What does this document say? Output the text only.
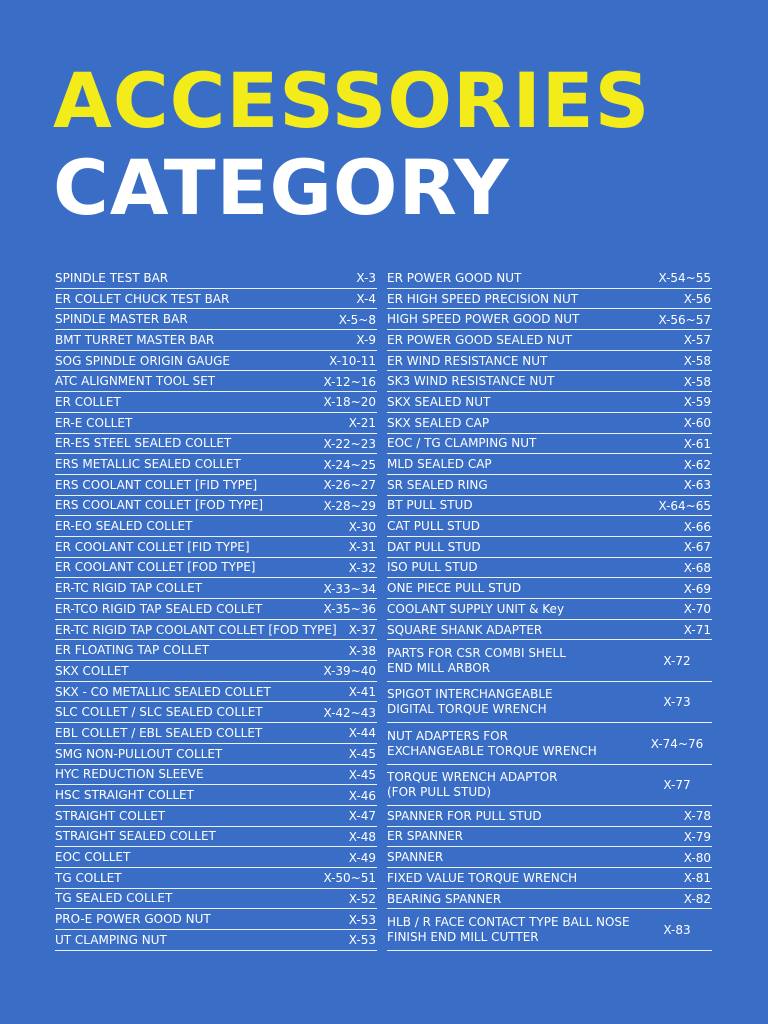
ACCESSORIES
CATEGORY
SPINDLE TEST BAR	X-3
ER COLLET CHUCK TEST BAR	X-4
SPINDLE MASTER BAR	X-5~8
BMT TURRET MASTER BAR	X-9
SOG SPINDLE ORIGIN GAUGE	X-10-11
ATC ALIGNMENT TOOL SET	X-12~16
ER COLLET	X-18~20
ER-E COLLET	X-21
ER-ES STEEL SEALED COLLET	X-22~23
ERS METALLIC SEALED COLLET	X-24~25
ERS COOLANT COLLET [FID TYPE]	X-26~27
ERS COOLANT COLLET [FOD TYPE]	X-28~29
ER-EO SEALED COLLET	X-30
ER COOLANT COLLET [FID TYPE]	X-31
ER COOLANT COLLET [FOD TYPE]	X-32
ER-TC RIGID TAP COLLET	X-33~34
ER-TCO RIGID TAP SEALED COLLET	X-35~36
ER-TC RIGID TAP COOLANT COLLET [FOD TYPE] X-37
ER FLOATING TAP COLLET	X-38
SKX COLLET	X-39~40
SKX - CO METALLIC SEALED COLLET	X-41
SLC COLLET / SLC SEALED COLLET	X-42~43
EBL COLLET / EBL SEALED COLLET	X-44
SMG NON-PULLOUT COLLET	X-45
HYC REDUCTION SLEEVE	X-45
HSC STRAIGHT COLLET	X-46
STRAIGHT COLLET	X-47
STRAIGHT SEALED COLLET	X-48
EOC COLLET	X-49
TG COLLET	X-50~51
TG SEALED COLLET	X-52
PRO-E POWER GOOD NUT	X-53
UT CLAMPING NUT	X-53
ER POWER GOOD NUT	X-54~55
ER HIGH SPEED PRECISION NUT	X-56
HIGH SPEED POWER GOOD NUT	X-56~57
ER POWER GOOD SEALED NUT	X-57
ER WIND RESISTANCE NUT	X-58
SK3 WIND RESISTANCE NUT	X-58
SKX SEALED NUT	X-59
SKX SEALED CAP	X-60
EOC / TG CLAMPING NUT	X-61
MLD SEALED CAP	X-62
SR SEALED RING	X-63
BT PULL STUD	X-64~65
CAT PULL STUD	X-66
DAT PULL STUD	X-67
ISO PULL STUD	X-68
ONE PIECE PULL STUD	X-69
COOLANT SUPPLY UNIT & Key	X-70
SQUARE SHANK ADAPTER	X-71
PARTS FOR CSR COMBI SHELL
END MILL ARBOR	X-72
SPIGOT INTERCHANGEABLE
DIGITAL TORQUE WRENCH	X-73
NUT ADAPTERS FOR
EXCHANGEABLE TORQUE WRENCH	X-74~76
TORQUE WRENCH ADAPTOR
(FOR PULL STUD)	X-77
SPANNER FOR PULL STUD	X-78
ER SPANNER	X-79
SPANNER	X-80
FIXED VALUE TORQUE WRENCH	X-81
BEARING SPANNER	X-82
HLB / R FACE CONTACT TYPE BALL NOSE
FINISH END MILL CUTTER	X-83
